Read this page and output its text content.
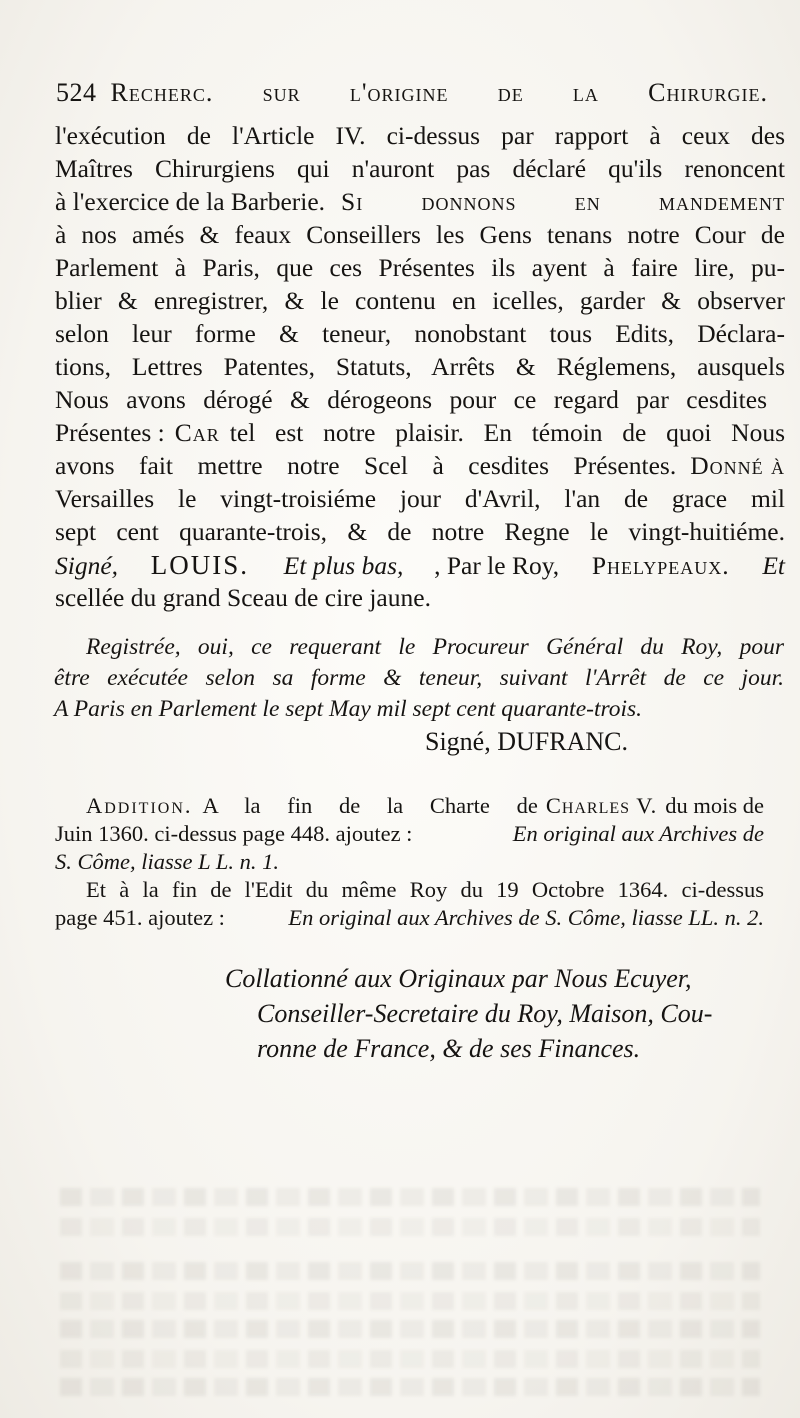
524 Recherc. sur l'origine de la Chirurgie.
l'exécution de l'Article IV. ci-dessus par rapport à ceux des
Maîtres Chirurgiens qui n'auront pas déclaré qu'ils renoncent
à l'exercice de la Barberie. Si donnons en mandement
à nos amés & feaux Conseillers les Gens tenans notre Cour de
Parlement à Paris, que ces Présentes ils ayent à faire lire, pu-
blier & enregistrer, & le contenu en icelles, garder & observer
selon leur forme & teneur, nonobstant tous Edits, Déclara-
tions, Lettres Patentes, Statuts, Arrêts & Réglemens, ausquels
Nous avons dérogé & dérogeons pour ce regard par cesdites
Présentes : Car tel est notre plaisir. En témoin de quoi Nous
avons fait mettre notre Scel à cesdites Présentes. Donné à
Versailles le vingt-troisiéme jour d'Avril, l'an de grace mil
sept cent quarante-trois, & de notre Regne le vingt-huitiéme.
Signé, LOUIS. Et plus bas, , Par le Roy, Phelypeaux. Et
scellée du grand Sceau de cire jaune.
Registrée, oui, ce requerant le Procureur Général du Roy, pour
être exécutée selon sa forme & teneur, suivant l'Arrêt de ce jour.
A Paris en Parlement le sept May mil sept cent quarante-trois.
Signé, DUFRANC.
Addition. A la fin de la Charte de Charles V. du mois de
Juin 1360. ci-dessus page 448. ajoutez :	En original aux Archives de
S. Côme, liasse L L. n. 1.
Et à la fin de l'Edit du même Roy du 19 Octobre 1364. ci-dessus
page 451. ajoutez :	En original aux Archives de S. Côme, liasse LL. n. 2.
Collationné aux Originaux par Nous Ecuyer,
Conseiller-Secretaire du Roy, Maison, Cou-
ronne de France, & de ses Finances.
